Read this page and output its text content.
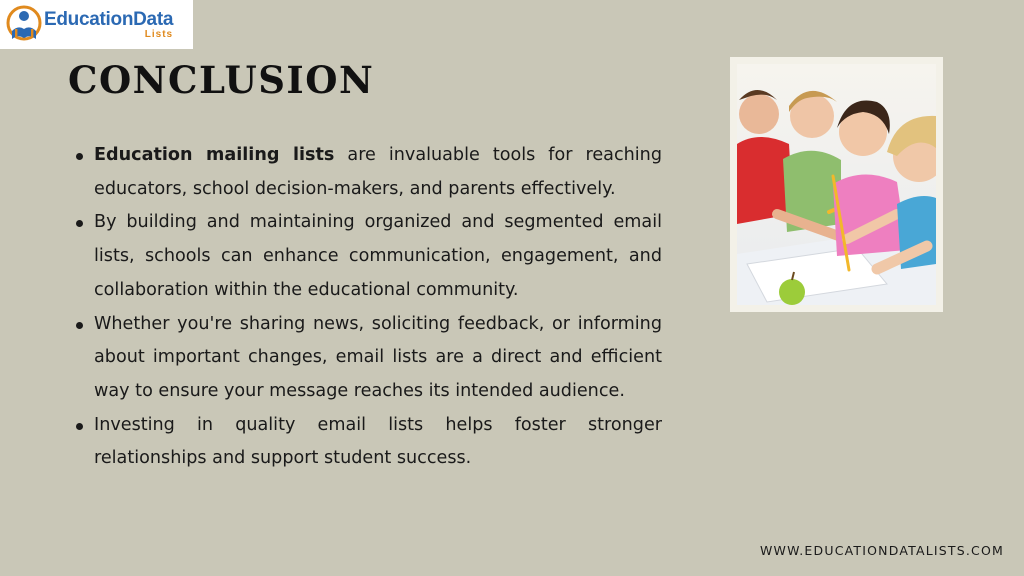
EducationData
Lists
CONCLUSION
Education mailing lists are invaluable tools for reaching educators, school decision-makers, and parents effectively.
By building and maintaining organized and segmented email lists, schools can enhance communication, engagement, and collaboration within the educational community.
Whether you're sharing news, soliciting feedback, or informing about important changes, email lists are a direct and efficient way to ensure your message reaches its intended audience.
Investing in quality email lists helps foster stronger relationships and support student success.
WWW.EDUCATIONDATALISTS.COM
